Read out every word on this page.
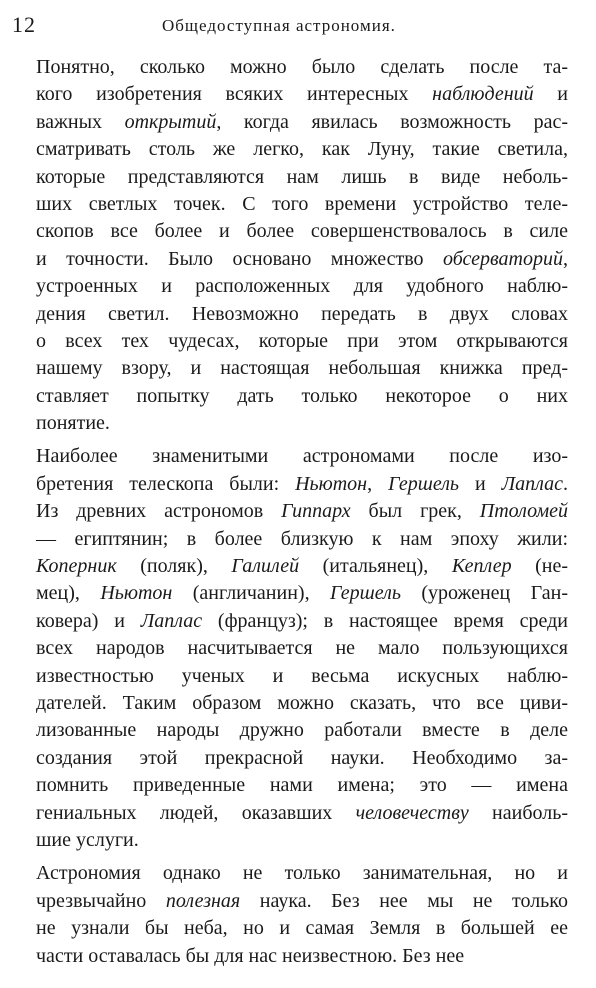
12	Общедоступная астрономия.
Понятно, сколько можно было сделать после та-
кого изобретения всяких интересных наблюдений и
важных открытий, когда явилась возможность рас-
сматривать столь же легко, как Луну, такие светила,
которые представляются нам лишь в виде неболь-
ших светлых точек. С того времени устройство теле-
скопов все более и более совершенствовалось в силе
и точности. Было основано множество обсерваторий,
устроенных и расположенных для удобного наблю-
дения светил. Невозможно передать в двух словах
о всех тех чудесах, которые при этом открываются
нашему взору, и настоящая небольшая книжка пред-
ставляет попытку дать только некоторое о них
понятие.
Наиболее знаменитыми астрономами после изо-
бретения телескопа были: Ньютон, Гершель и Лаплас.
Из древних астрономов Гиппарх был грек, Птоломей
— египтянин; в более близкую к нам эпоху жили:
Коперник (поляк), Галилей (итальянец), Кеплер (не-
мец), Ньютон (англичанин), Гершель (уроженец Ган-
ковера) и Лаплас (француз); в настоящее время среди
всех народов насчитывается не мало пользующихся
известностью ученых и весьма искусных наблю-
дателей. Таким образом можно сказать, что все циви-
лизованные народы дружно работали вместе в деле
создания этой прекрасной науки. Необходимо за-
помнить приведенные нами имена; это — имена
гениальных людей, оказавших человечеству наиболь-
шие услуги.
Астрономия однако не только занимательная, но и
чрезвычайно полезная наука. Без нее мы не только
не узнали бы неба, но и самая Земля в большей ее
части оставалась бы для нас неизвестною. Без нее
